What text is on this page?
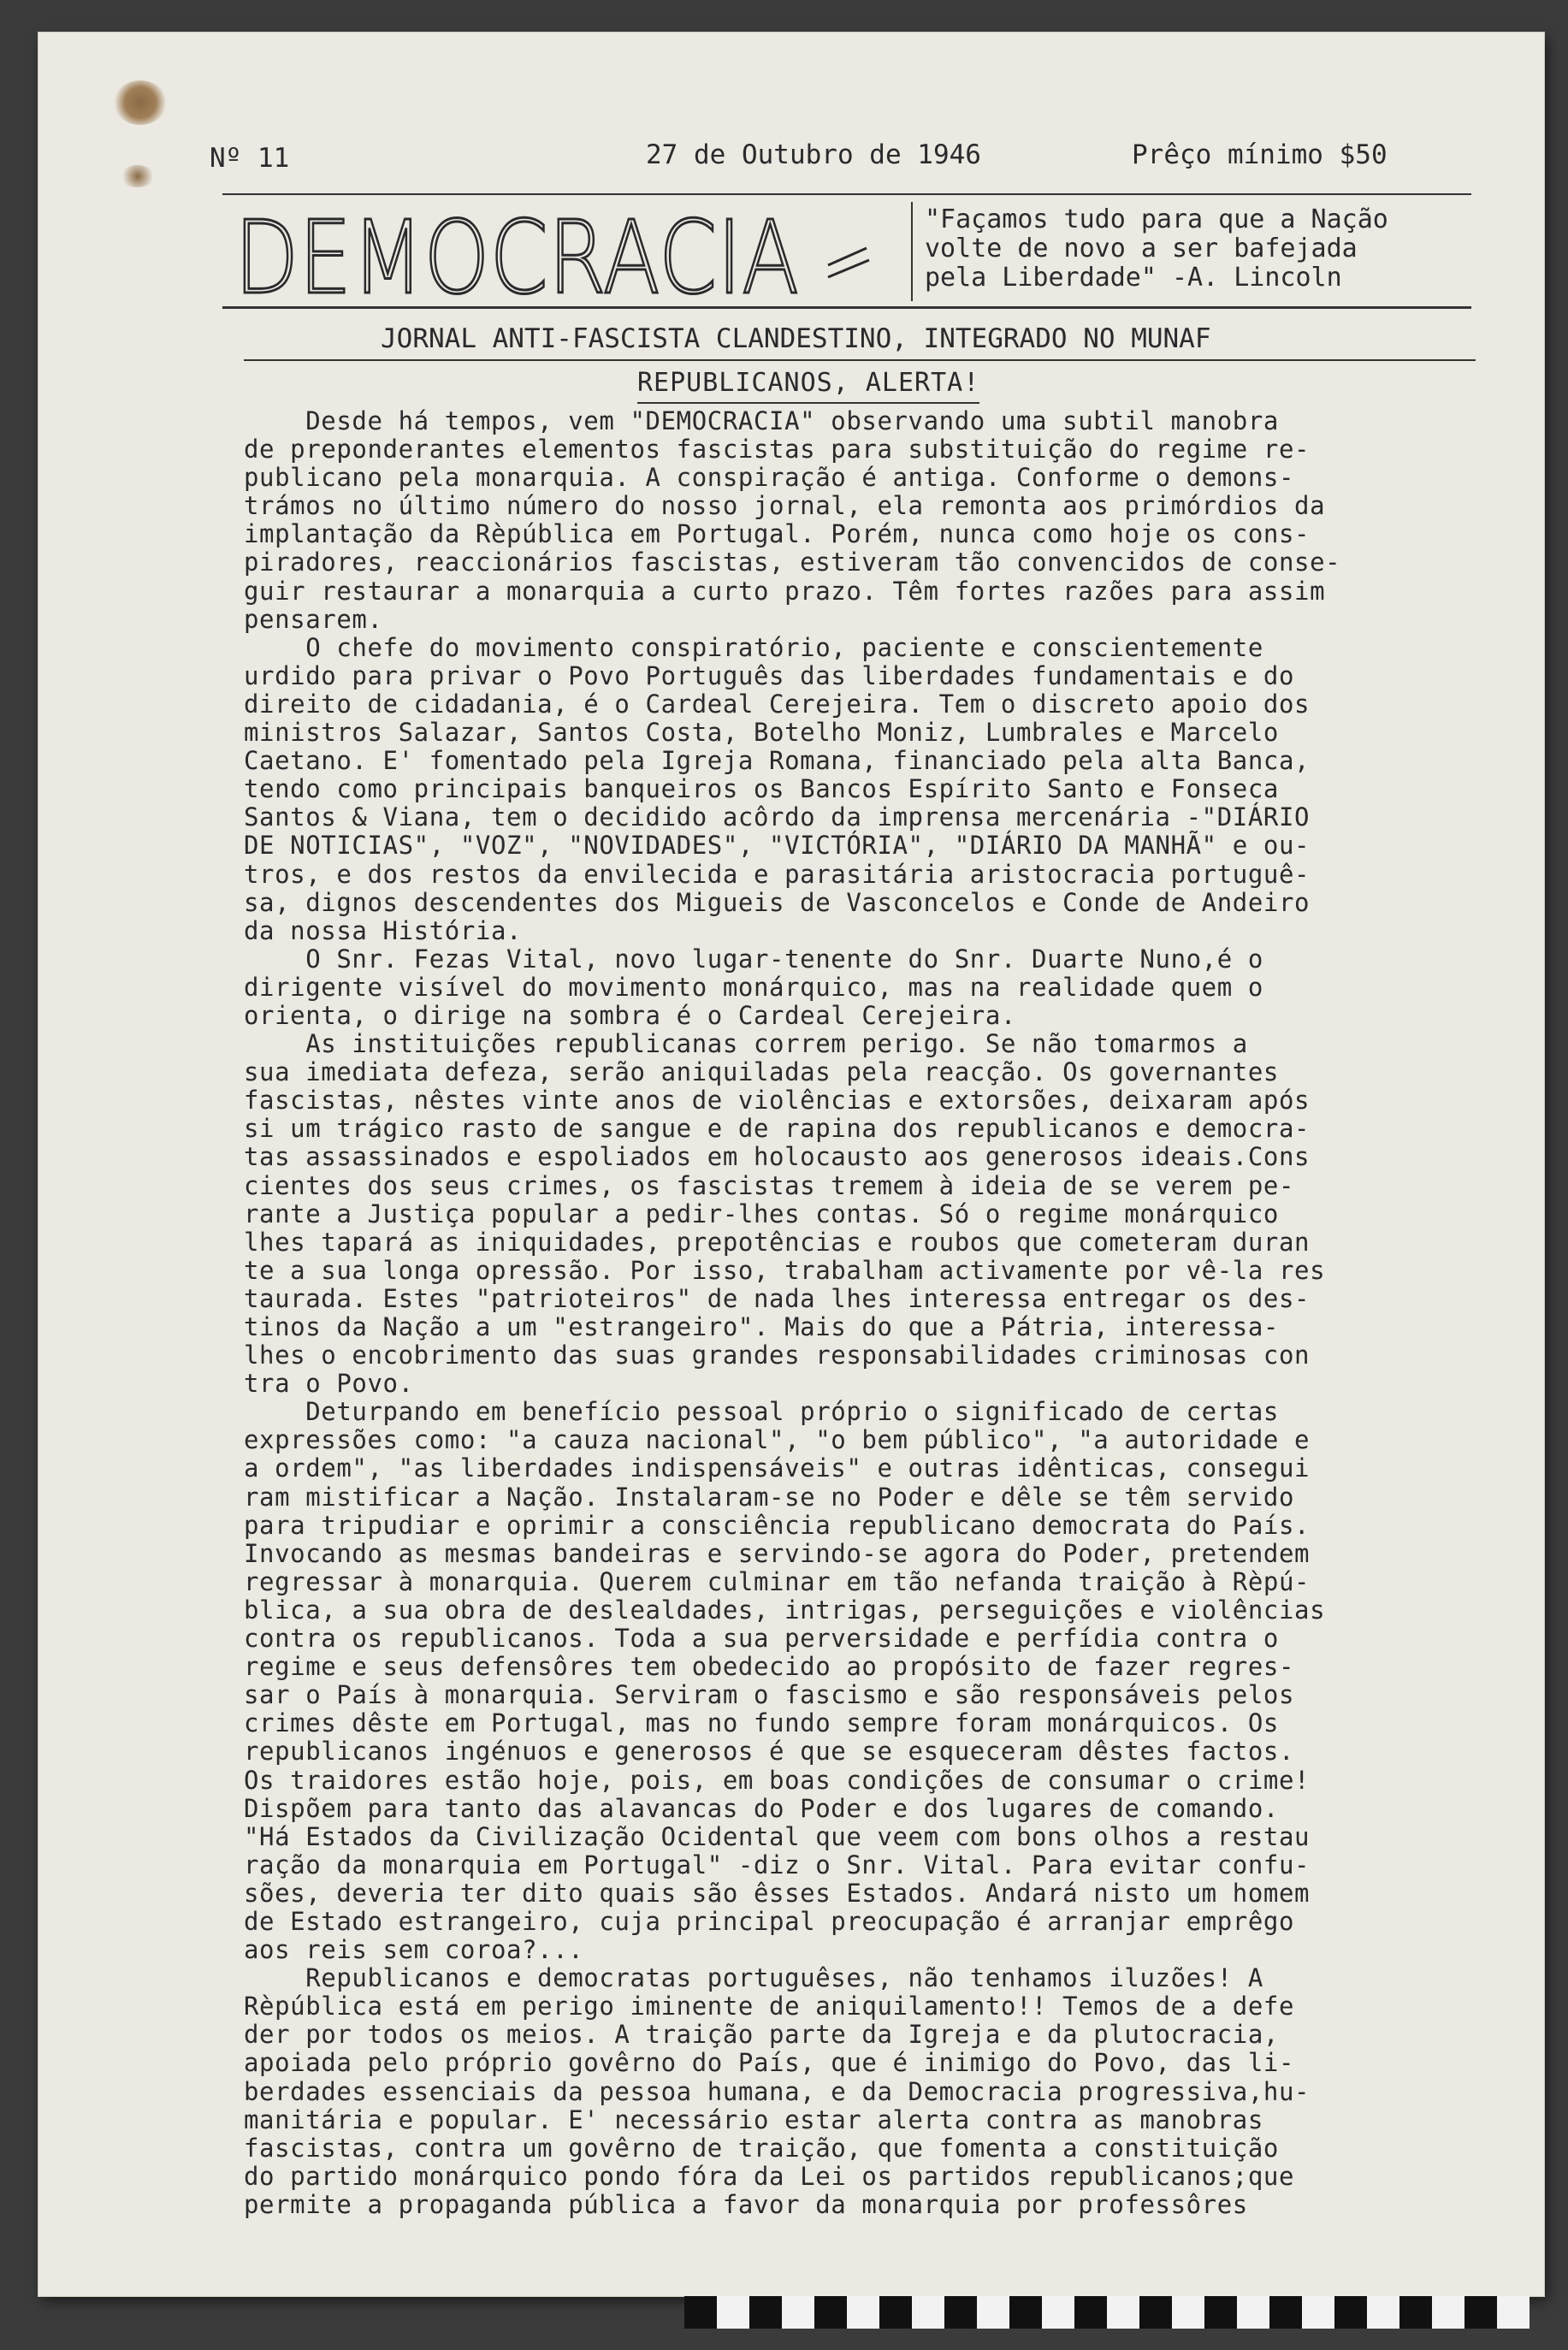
Nº 11	27 de Outubro de 1946	Prêço mínimo $50
DEMOCRACIA	"Façamos tudo para que a Nação
volte de novo a ser bafejada
pela Liberdade" -A. Lincoln

JORNAL ANTI-FASCISTA CLANDESTINO, INTEGRADO NO MUNAF
REPUBLICANOS, ALERTA!
Desde há tempos, vem "DEMOCRACIA" observando uma subtil manobra
de preponderantes elementos fascistas para substituição do regime re-
publicano pela monarquia. A conspiração é antiga. Conforme o demons-
trámos no último número do nosso jornal, ela remonta aos primórdios da
implantação da Rèpública em Portugal. Porém, nunca como hoje os cons-
piradores, reaccionários fascistas, estiveram tão convencidos de conse-
guir restaurar a monarquia a curto prazo. Têm fortes razões para assim
pensarem.
O chefe do movimento conspiratório, paciente e conscientemente
urdido para privar o Povo Português das liberdades fundamentais e do
direito de cidadania, é o Cardeal Cerejeira. Tem o discreto apoio dos
ministros Salazar, Santos Costa, Botelho Moniz, Lumbrales e Marcelo
Caetano. E' fomentado pela Igreja Romana, financiado pela alta Banca,
tendo como principais banqueiros os Bancos Espírito Santo e Fonseca
Santos & Viana, tem o decidido acôrdo da imprensa mercenária -"DIÁRIO
DE NOTICIAS", "VOZ", "NOVIDADES", "VICTÓRIA", "DIÁRIO DA MANHÃ" e ou-
tros, e dos restos da envilecida e parasitária aristocracia portuguê-
sa, dignos descendentes dos Migueis de Vasconcelos e Conde de Andeiro
da nossa História.
O Snr. Fezas Vital, novo lugar-tenente do Snr. Duarte Nuno,é o
dirigente visível do movimento monárquico, mas na realidade quem o
orienta, o dirige na sombra é o Cardeal Cerejeira.
As instituições republicanas correm perigo. Se não tomarmos a
sua imediata defeza, serão aniquiladas pela reacção. Os governantes
fascistas, nêstes vinte anos de violências e extorsões, deixaram após
si um trágico rasto de sangue e de rapina dos republicanos e democra-
tas assassinados e espoliados em holocausto aos generosos ideais.Cons
cientes dos seus crimes, os fascistas tremem à ideia de se verem pe-
rante a Justiça popular a pedir-lhes contas. Só o regime monárquico
lhes tapará as iniquidades, prepotências e roubos que cometeram duran
te a sua longa opressão. Por isso, trabalham activamente por vê-la res
taurada. Estes "patrioteiros" de nada lhes interessa entregar os des-
tinos da Nação a um "estrangeiro". Mais do que a Pátria, interessa-
lhes o encobrimento das suas grandes responsabilidades criminosas con
tra o Povo.
Deturpando em benefício pessoal próprio o significado de certas
expressões como: "a cauza nacional", "o bem público", "a autoridade e
a ordem", "as liberdades indispensáveis" e outras idênticas, consegui
ram mistificar a Nação. Instalaram-se no Poder e dêle se têm servido
para tripudiar e oprimir a consciência republicano democrata do País.
Invocando as mesmas bandeiras e servindo-se agora do Poder, pretendem
regressar à monarquia. Querem culminar em tão nefanda traição à Rèpú-
blica, a sua obra de deslealdades, intrigas, perseguições e violências
contra os republicanos. Toda a sua perversidade e perfídia contra o
regime e seus defensôres tem obedecido ao propósito de fazer regres-
sar o País à monarquia. Serviram o fascismo e são responsáveis pelos
crimes dêste em Portugal, mas no fundo sempre foram monárquicos. Os
republicanos ingénuos e generosos é que se esqueceram dêstes factos.
Os traidores estão hoje, pois, em boas condições de consumar o crime!
Dispõem para tanto das alavancas do Poder e dos lugares de comando.
"Há Estados da Civilização Ocidental que veem com bons olhos a restau
ração da monarquia em Portugal" -diz o Snr. Vital. Para evitar confu-
sões, deveria ter dito quais são êsses Estados. Andará nisto um homem
de Estado estrangeiro, cuja principal preocupação é arranjar emprêgo
aos reis sem coroa?...
Republicanos e democratas portuguêses, não tenhamos iluzões! A
Rèpública está em perigo iminente de aniquilamento!! Temos de a defe
der por todos os meios. A traição parte da Igreja e da plutocracia,
apoiada pelo próprio govêrno do País, que é inimigo do Povo, das li-
berdades essenciais da pessoa humana, e da Democracia progressiva,hu-
manitária e popular. E' necessário estar alerta contra as manobras
fascistas, contra um govêrno de traição, que fomenta a constituição
do partido monárquico pondo fóra da Lei os partidos republicanos;que
permite a propaganda pública a favor da monarquia por professôres
